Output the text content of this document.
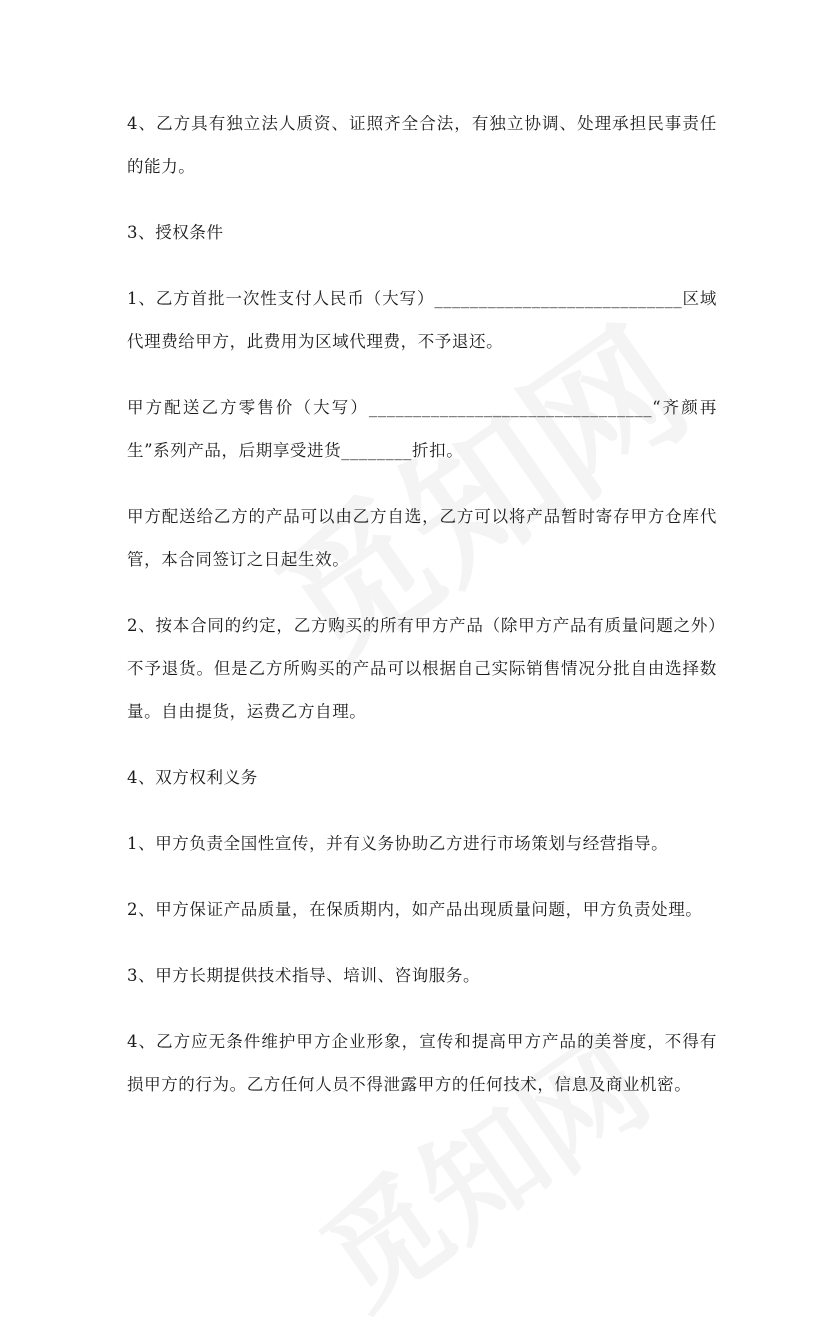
4、乙方具有独立法人质资、证照齐全合法，有独立协调、处理承担民事责任的能力。

3、授权条件

1、乙方首批一次性支付人民币（大写）____________________________区域代理费给甲方，此费用为区域代理费，不予退还。

甲方配送乙方零售价（大写）________________________________“齐颜再生”系列产品，后期享受进货________折扣。

甲方配送给乙方的产品可以由乙方自选，乙方可以将产品暂时寄存甲方仓库代管，本合同签订之日起生效。

2、按本合同的约定，乙方购买的所有甲方产品（除甲方产品有质量问题之外）不予退货。但是乙方所购买的产品可以根据自己实际销售情况分批自由选择数量。自由提货，运费乙方自理。

4、双方权利义务

1、甲方负责全国性宣传，并有义务协助乙方进行市场策划与经营指导。

2、甲方保证产品质量，在保质期内，如产品出现质量问题，甲方负责处理。

3、甲方长期提供技术指导、培训、咨询服务。

4、乙方应无条件维护甲方企业形象，宣传和提高甲方产品的美誉度，不得有损甲方的行为。乙方任何人员不得泄露甲方的任何技术，信息及商业机密。
